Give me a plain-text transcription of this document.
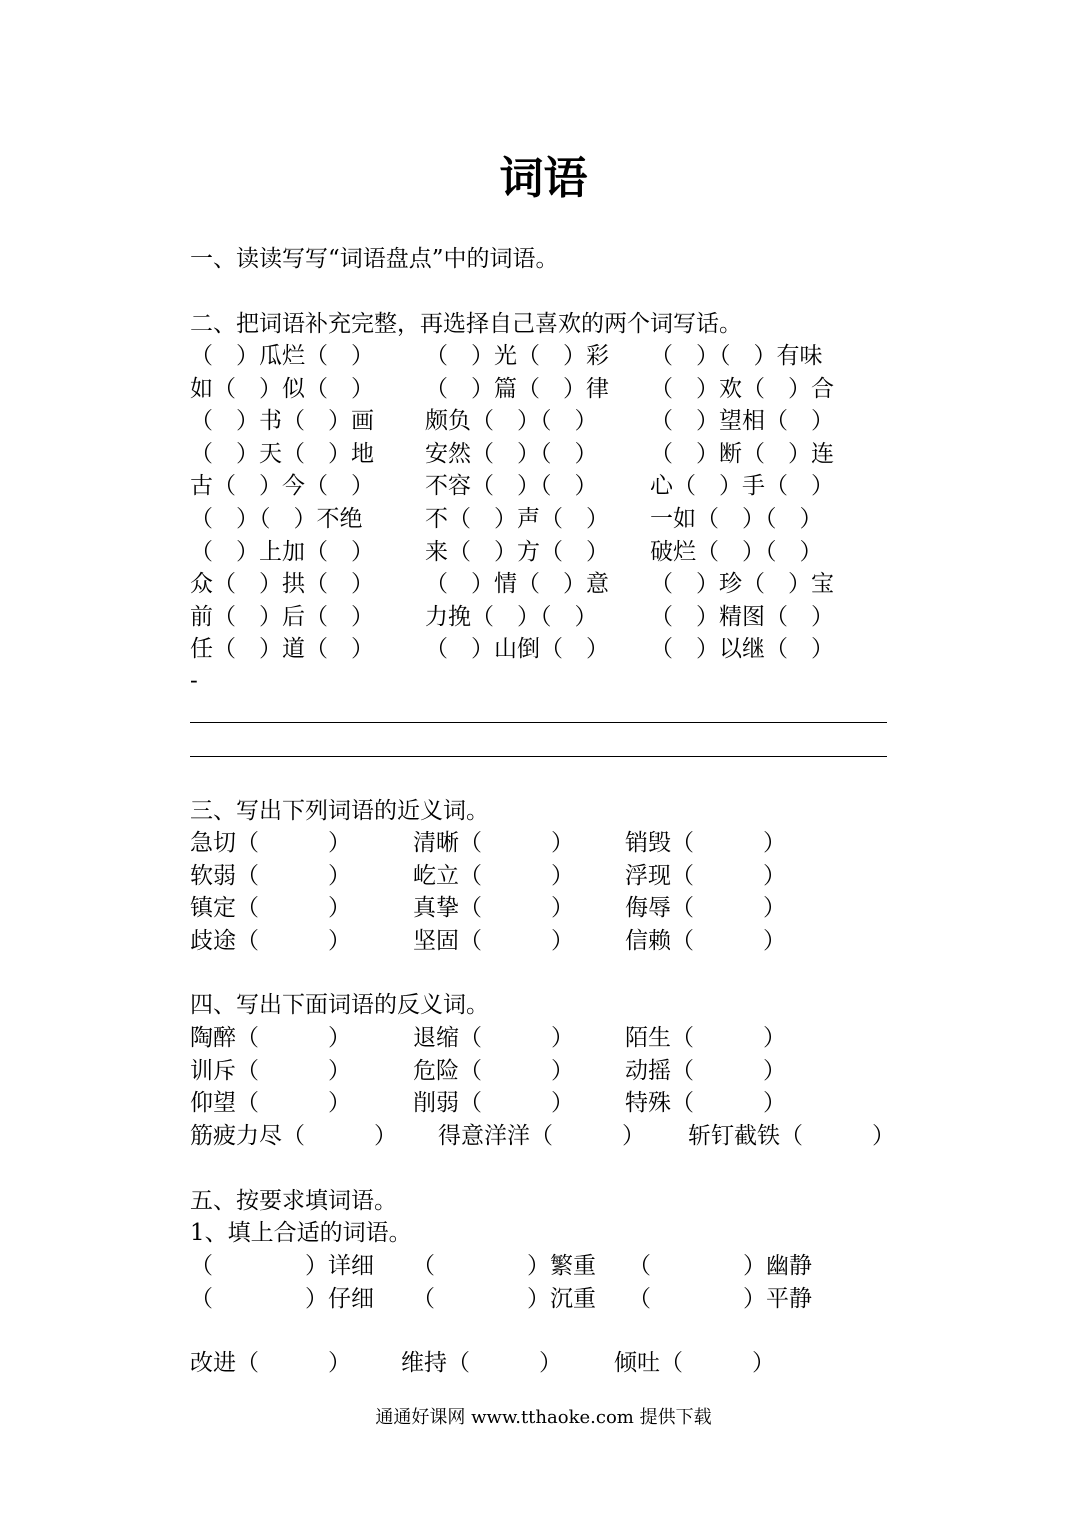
词语
一、读读写写“词语盘点”中的词语。
二、把词语补充完整，再选择自己喜欢的两个词写话。
（　）瓜烂（　） （　）光（　）彩 （　）（　）有味
如（　）似（　） （　）篇（　）律 （　）欢（　）合
（　）书（　）画 颇负（　）（　） （　）望相（　）
（　）天（　）地 安然（　）（　） （　）断（　）连
古（　）今（　） 不容（　）（　） 心（　）手（　）
（　）（　）不绝	不（　）声（　） 一如（　）（　）
（　）上加（　） 来（　）方（　） 破烂（　）（　）
众（　）拱（　） （　）情（　）意 （　）珍（　）宝
前（　）后（　） 力挽（　）（　） （　）精图（　）
任（　）道（　） （　）山倒（　） （　）以继（　）
-
三、写出下列词语的近义词。
急切（　　　）	清晰（　　　） 销毁（　　　）
软弱（　　　）	屹立（　　　） 浮现（　　　）
镇定（　　　）	真挚（　　　） 侮辱（　　　）
歧途（　　　）	坚固（　　　） 信赖（　　　）
四、写出下面词语的反义词。
陶醉（　　　）	退缩（　　　） 陌生（　　　）
训斥（　　　）	危险（　　　） 动摇（　　　）
仰望（　　　）	削弱（　　　） 特殊（　　　）
筋疲力尽（　　　） 得意洋洋（　　　） 斩钉截铁（　　　）
五、按要求填词语。
1、填上合适的词语。
（　　　　）详细 （　　　　）繁重 （　　　　）幽静
（　　　　）仔细 （　　　　）沉重 （　　　　）平静
改进（　　　） 维持（　　　） 倾吐（　　　）
通通好课网 www.tthaoke.com 提供下载
